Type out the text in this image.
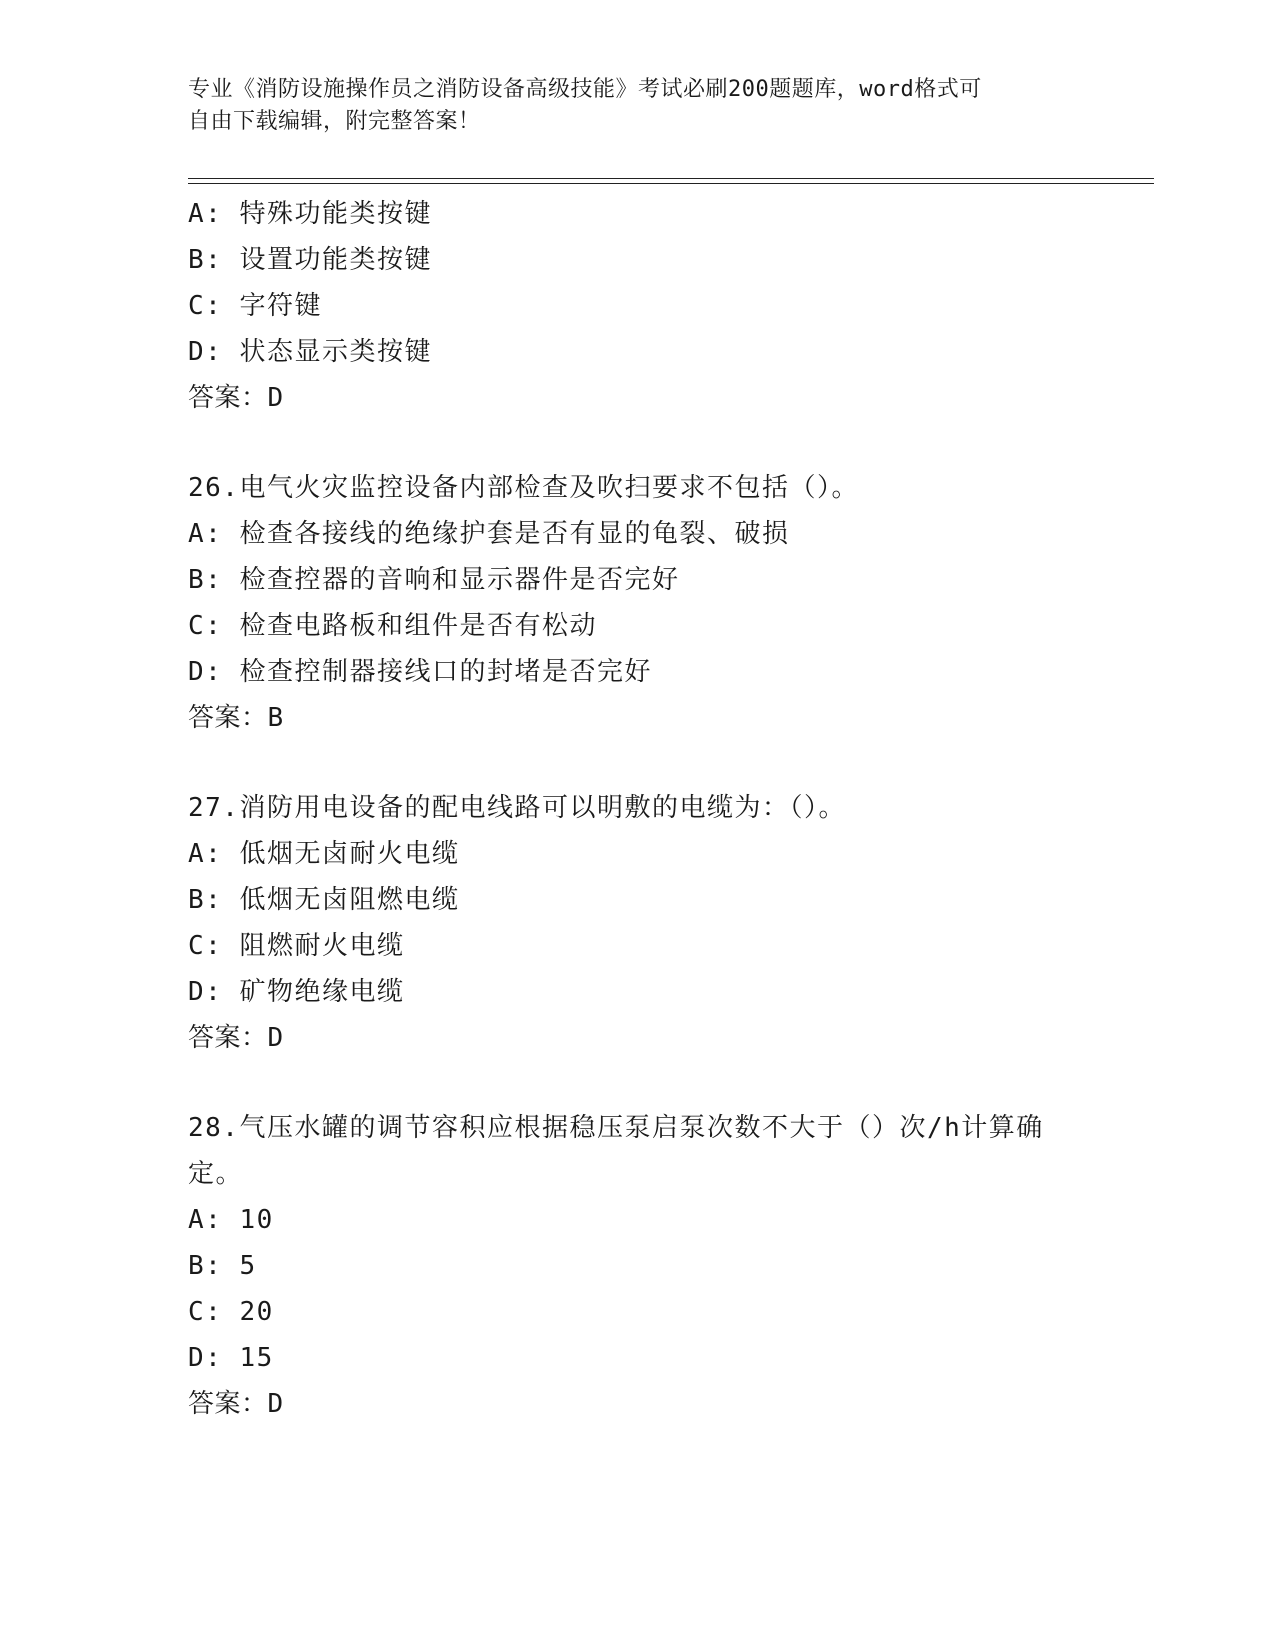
专业《消防设施操作员之消防设备高级技能》考试必刷200题题库，word格式可
自由下载编辑，附完整答案！
A: 特殊功能类按键
B: 设置功能类按键
C: 字符键
D: 状态显示类按键
答案：D
26.电气火灾监控设备内部检查及吹扫要求不包括（）。
A: 检查各接线的绝缘护套是否有显的龟裂、破损
B: 检查控器的音响和显示器件是否完好
C: 检查电路板和组件是否有松动
D: 检查控制器接线口的封堵是否完好
答案：B
27.消防用电设备的配电线路可以明敷的电缆为：（）。
A: 低烟无卤耐火电缆
B: 低烟无卤阻燃电缆
C: 阻燃耐火电缆
D: 矿物绝缘电缆
答案：D
28.气压水罐的调节容积应根据稳压泵启泵次数不大于（）次/h计算确
定。
A: 10
B: 5
C: 20
D: 15
答案：D
